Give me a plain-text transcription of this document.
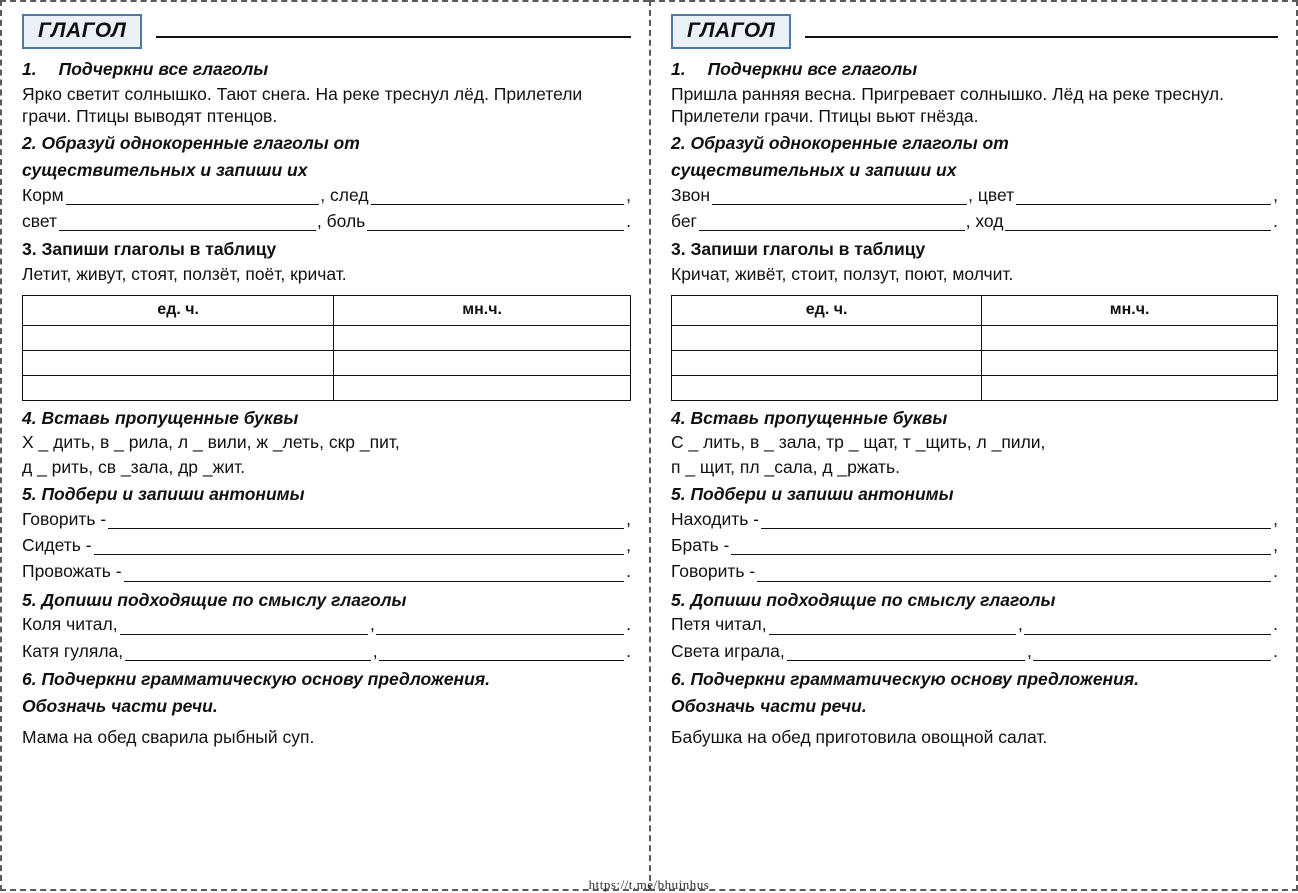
ГЛАГОЛ
1. Подчеркни все глаголы
Ярко светит солнышко. Тают снега. На реке треснул лёд. Прилетели грачи. Птицы выводят птенцов.
2. Образуй однокоренные глаголы от
существительных и запиши их
Корм	, след	,
свет	, боль	.
3. Запиши глаголы в таблицу
Летит, живут, стоят, ползёт, поёт, кричат.
ед. ч.	мн.ч.

4. Вставь пропущенные буквы
Х _ дить, в _ рила, л _ вили, ж _леть, скр _пит,
д _ рить, св _зала, др _жит.
5. Подбери и запиши антонимы
Говорить -	,
Сидеть -	,
Провожать -	.
5. Допиши подходящие по смыслу глаголы
Коля читал,	,	.
Катя гуляла,	,	.
6. Подчеркни грамматическую основу предложения.
Обозначь части речи.
Мама на обед сварила рыбный суп.
ГЛАГОЛ
1. Подчеркни все глаголы
Пришла ранняя весна. Пригревает солнышко. Лёд на реке треснул. Прилетели грачи. Птицы вьют гнёзда.
2. Образуй однокоренные глаголы от
существительных и запиши их
Звон	, цвет	,
бег	, ход	.
3. Запиши глаголы в таблицу
Кричат, живёт, стоит, ползут, поют, молчит.
ед. ч.	мн.ч.

4. Вставь пропущенные буквы
С _ лить, в _ зала, тр _ щат, т _щить, л _пили,
п _ щит, пл _сала, д _ржать.
5. Подбери и запиши антонимы
Находить -	,
Брать -	,
Говорить -	.
5. Допиши подходящие по смыслу глаголы
Петя читал,	,	.
Света играла,	,	.
6. Подчеркни грамматическую основу предложения.
Обозначь части речи.
Бабушка на обед приготовила овощной салат.
https://t.me/bhuinhus
